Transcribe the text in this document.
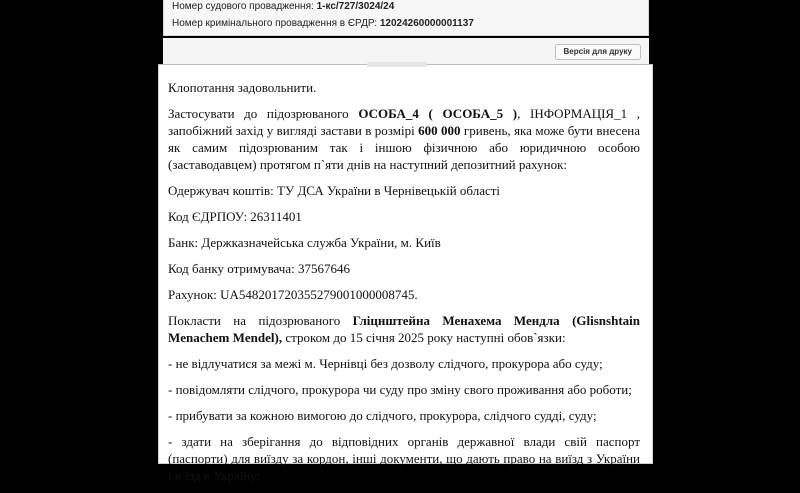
Номер судового провадження: 1-кс/727/3024/24
Номер кримінального провадження в ЄРДР: 12024260000001137
Версія для друку

Клопотання задовольнити.

Застосувати до підозрюваного ОСОБА_4 ( ОСОБА_5 ), ІНФОРМАЦІЯ_1 , запобіжний захід у вигляді застави в розмірі 600 000 гривень, яка може бути внесена як самим підозрюваним так і іншою фізичною або юридичною особою (заставодавцем) протягом п`яти днів на наступний депозитний рахунок:

Одержувач коштів: ТУ ДСА України в Чернівецькій області

Код ЄДРПОУ: 26311401

Банк: Держказначейська служба України, м. Київ

Код банку отримувача: 37567646

Рахунок: UA548201720355279001000008745.

Покласти на підозрюваного Гліцнштейна Менахема Мендла (Glisnshtain Menachem Mendel), строком до 15 січня 2025 року наступні обов`язки:

- не відлучатися за межі м. Чернівці без дозволу слідчого, прокурора або суду;

- повідомляти слідчого, прокурора чи суду про зміну свого проживання або роботи;

- прибувати за кожною вимогою до слідчого, прокурора, слідчого судді, суду;

- здати на зберігання до відповідних органів державної влади свій паспорт (паспорти) для виїзду за кордон, інші документи, що дають право на виїзд з України і в`їзд в Україну;
